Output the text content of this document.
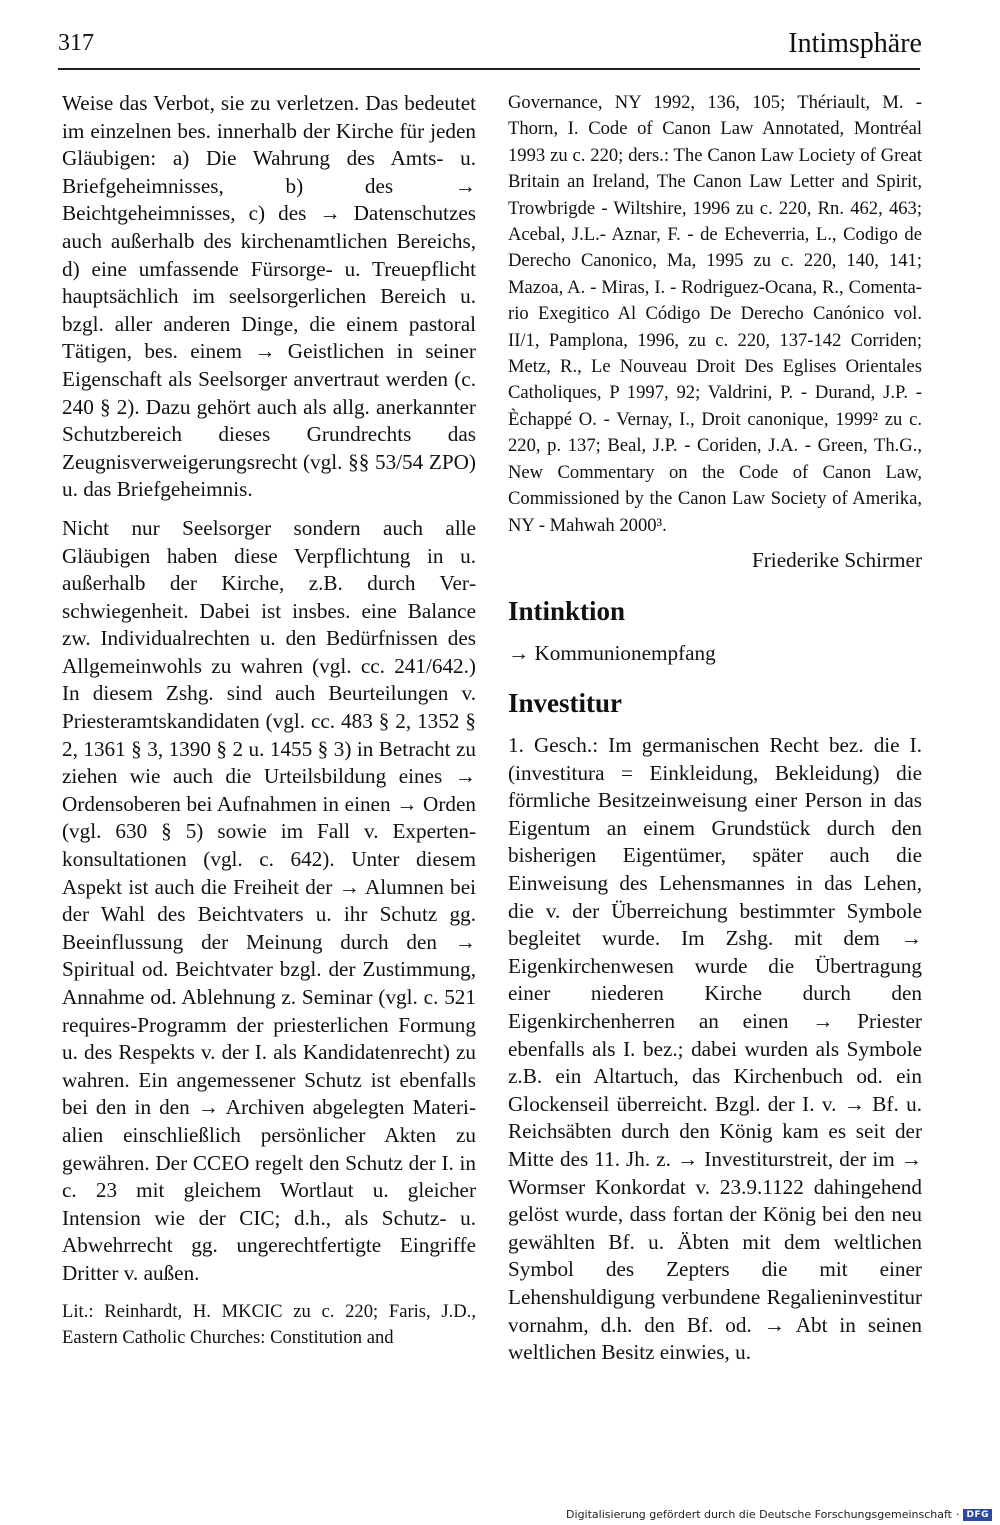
317	Intimsphäre

Weise das Verbot, sie zu verletzen. Das bedeutet im einzelnen bes. innerhalb der Kirche für jeden Gläubigen: a) Die Wahrung des Amts- u. Briefgeheimnisses, b) des → Beichtgeheimnisses, c) des → Datenschutzes auch außerhalb des kirchenamtlichen Bereichs, d) eine umfassende Fürsorge- u. Treuepflicht hauptsächlich im seelsorgerlichen Bereich u. bzgl. aller anderen Dinge, die einem pastoral Tätigen, bes. einem → Geistlichen in seiner Eigenschaft als Seelsorger anvertraut werden (c. 240 § 2). Dazu gehört auch als allg. anerkannter Schutzbereich dieses Grundrechts das Zeugnisverweigerungsrecht (vgl. §§ 53/54 ZPO) u. das Briefgeheimnis.

Nicht nur Seelsorger sondern auch alle Gläubigen haben diese Verpflichtung in u. außerhalb der Kirche, z.B. durch Verschwiegenheit. Dabei ist insbes. eine Balance zw. Individualrechten u. den Bedürfnissen des Allgemeinwohls zu wahren (vgl. cc. 241/642.) In diesem Zshg. sind auch Beurteilungen v. Priesteramtskandidaten (vgl. cc. 483 § 2, 1352 § 2, 1361 § 3, 1390 § 2 u. 1455 § 3) in Betracht zu ziehen wie auch die Urteilsbildung eines → Ordensoberen bei Aufnahmen in einen → Orden (vgl. 630 § 5) sowie im Fall v. Expertenkonsultationen (vgl. c. 642). Unter diesem Aspekt ist auch die Freiheit der → Alumnen bei der Wahl des Beichtvaters u. ihr Schutz gg. Beeinflussung der Meinung durch den → Spiritual od. Beichtvater bzgl. der Zustimmung, Annahme od. Ablehnung z. Seminar (vgl. c. 521 requires-Programm der priesterlichen Formung u. des Respekts v. der I. als Kandidatenrecht) zu wahren. Ein angemessener Schutz ist ebenfalls bei den in den → Archiven abgelegten Materialien einschließlich persönlicher Akten zu gewähren. Der CCEO regelt den Schutz der I. in c. 23 mit gleichem Wortlaut u. gleicher Intension wie der CIC; d.h., als Schutz- u. Abwehrrecht gg. ungerechtfertigte Eingriffe Dritter v. außen.

Lit.: Reinhardt, H. MKCIC zu c. 220; Faris, J.D., Eastern Catholic Churches: Constitution and

Governance, NY 1992, 136, 105; Thériault, M. - Thorn, I. Code of Canon Law Annotated, Montréal 1993 zu c. 220; ders.: The Canon Law Lociety of Great Britain an Ireland, The Canon Law Letter and Spirit, Trowbrigde - Wiltshire, 1996 zu c. 220, Rn. 462, 463; Acebal, J.L.- Aznar, F. - de Echeverria, L., Codigo de Derecho Canonico, Ma, 1995 zu c. 220, 140, 141; Mazoa, A. - Miras, I. - Rodriguez-Ocana, R., Comentario Exegitico Al Código De Derecho Canónico vol. II/1, Pamplona, 1996, zu c. 220, 137-142 Corriden; Metz, R., Le Nouveau Droit Des Eglises Orientales Catholiques, P 1997, 92; Valdrini, P. - Durand, J.P. - Èchappé O. - Vernay, I., Droit canonique, 1999² zu c. 220, p. 137; Beal, J.P. - Coriden, J.A. - Green, Th.G., New Commentary on the Code of Canon Law, Commissioned by the Canon Law Society of Amerika, NY - Mahwah 2000³.

Friederike Schirmer

Intinktion

→ Kommunionempfang

Investitur

1. Gesch.: Im germanischen Recht bez. die I. (investitura = Einkleidung, Bekleidung) die förmliche Besitzeinweisung einer Person in das Eigentum an einem Grundstück durch den bisherigen Eigentümer, später auch die Einweisung des Lehensmannes in das Lehen, die v. der Überreichung bestimmter Symbole begleitet wurde. Im Zshg. mit dem → Eigenkirchenwesen wurde die Übertragung einer niederen Kirche durch den Eigenkirchenherren an einen → Priester ebenfalls als I. bez.; dabei wurden als Symbole z.B. ein Altartuch, das Kirchenbuch od. ein Glockenseil überreicht. Bzgl. der I. v. → Bf. u. Reichsäbten durch den König kam es seit der Mitte des 11. Jh. z. → Investiturstreit, der im → Wormser Konkordat v. 23.9.1122 dahingehend gelöst wurde, dass fortan der König bei den neu gewählten Bf. u. Äbten mit dem weltlichen Symbol des Zepters die mit einer Lehenshuldigung verbundene Regalieninvestitur vornahm, d.h. den Bf. od. → Abt in seinen weltlichen Besitz einwies, u.

Digitalisierung gefördert durch die Deutsche Forschungsgemeinschaft · DFG
